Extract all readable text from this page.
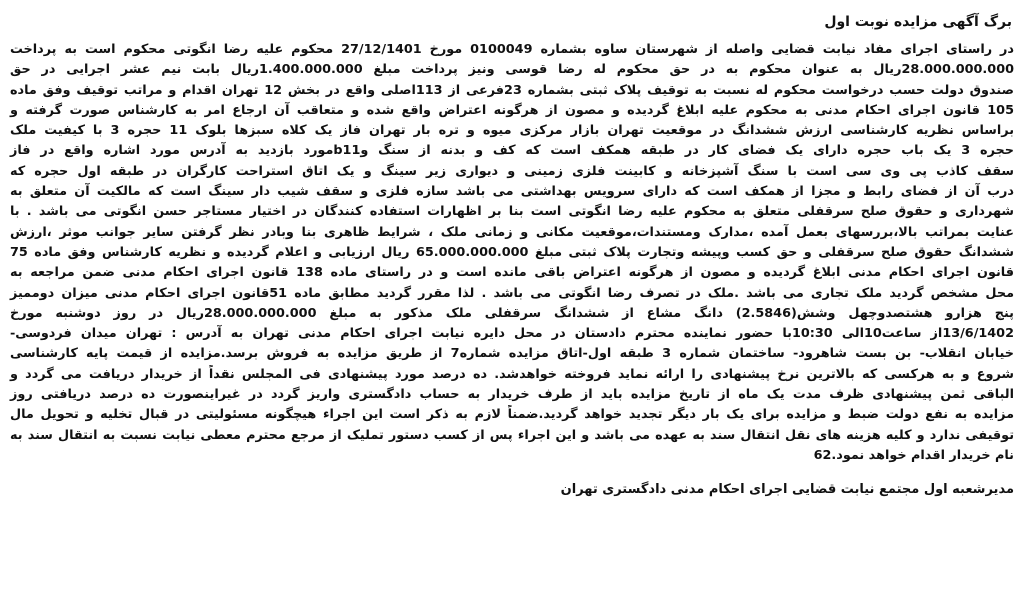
برگ آگهی مزایده نوبت اول
در راستای اجرای مفاد نیابت قضایی واصله از شهرستان ساوه بشماره 0100049 مورخ 27/12/1401 محکوم علیه رضا انگوتی محکوم است به پرداخت
28.000.000.000ریال به عنوان محکوم به در حق محکوم له رضا قوسی ونیز پرداخت مبلغ 1.400.000.000ریال بابت نیم عشر اجرایی در حق
صندوق دولت حسب درخواست محکوم له نسبت به توقیف پلاک ثبتی بشماره 23فرعی از 113اصلی واقع در بخش 12 تهران اقدام و مراتب توقیف وفق ماده
105 قانون اجرای احکام مدنی به محکوم علیه ابلاغ گردیده و مصون از هرگونه اعتراض واقع شده و متعاقب آن ارجاع امر به کارشناس صورت گرفته و
براساس نظریه کارشناسی ارزش ششدانگ در موقعیت تهران بازار مرکزی میوه و تره بار تهران فاز یک کلاه سبزها بلوک 11 حجره 3 با کیفیت ملک
حجره 3 یک باب حجره دارای یک فضای کار در طبقه همکف است که کف و بدنه از سنگ وb11مورد بازدید به آدرس مورد اشاره واقع در فاز
سقف کاذب پی وی سی است با سنگ آشپزخانه و کابینت فلزی زمینی و دیواری زیر سینگ و یک اتاق استراحت کارگران در طبقه اول حجره که
درب آن از فضای رابط و مجزا از همکف است که دارای سرویس بهداشتی می باشد سازه فلزی و سقف شیب دار سینگ است که مالکیت آن متعلق به
شهرداری و حقوق صلح سرقفلی متعلق به محکوم علیه رضا انگوتی است بنا بر اظهارات استفاده کنندگان در اختیار مستاجر حسن انگوتی می باشد . با
عنایت بمراتب بالا،بررسهای بعمل آمده ،مدارک ومستندات،موقعیت مکانی و زمانی ملک ، شرایط ظاهری بنا وبادر نظر گرفتن سایر جوانب موثر ،ارزش
ششدانگ حقوق صلح سرقفلی و حق کسب وپیشه وتجارت پلاک ثبتی مبلغ 65.000.000.000 ریال ارزیابی و اعلام گردیده و نظریه کارشناس وفق ماده 75
قانون اجرای احکام مدنی ابلاغ گردیده و مصون از هرگونه اعتراض باقی مانده است و در راستای ماده 138 قانون اجرای احکام مدنی ضمن مراجعه به
محل مشخص گردید ملک تجاری می باشد .ملک در تصرف رضا انگوتی می باشد . لذا مقرر گردید مطابق ماده 51قانون اجرای احکام مدنی میزان دوممیز
پنج هزارو هشتصدوچهل وشش(2.5846) دانگ مشاع از ششدانگ سرقفلی ملک مذکور به مبلغ 28.000.000.000ریال در روز دوشنبه مورخ
13/6/1402از ساعت10الی 10:30با حضور نماینده محترم دادستان در محل دایره نیابت اجرای احکام مدنی تهران به آدرس : تهران میدان فردوسی-
خیابان انقلاب- بن بست شاهرود- ساختمان شماره 3 طبقه اول-اتاق مزایده شماره7 از طریق مزایده به فروش برسد.مزایده از قیمت پایه کارشناسی
شروع و به هرکسی که بالاترین نرخ پیشنهادی را ارائه نماید فروخته خواهدشد. ده درصد مورد پیشنهادی فی المجلس نقداً از خریدار دریافت می گردد و
الباقی ثمن پیشنهادی ظرف مدت یک ماه از تاریخ مزایده باید از طرف خریدار به حساب دادگستری واریز گردد در غیراینصورت ده درصد دریافتی روز
مزایده به نفع دولت ضبط و مزایده برای یک بار دیگر تجدید خواهد گردید.ضمناً لازم به ذکر است این اجراء هیچگونه مسئولیتی در قبال تخلیه و تحویل مال
توقیفی ندارد و کلیه هزینه های نقل انتقال سند به عهده می باشد و این اجراء پس از کسب دستور تملیک از مرجع محترم معطی نیابت نسبت به انتقال سند به
نام خریدار اقدام خواهد نمود.62
مدیرشعبه اول مجتمع نیابت قضایی اجرای احکام مدنی دادگستری تهران
